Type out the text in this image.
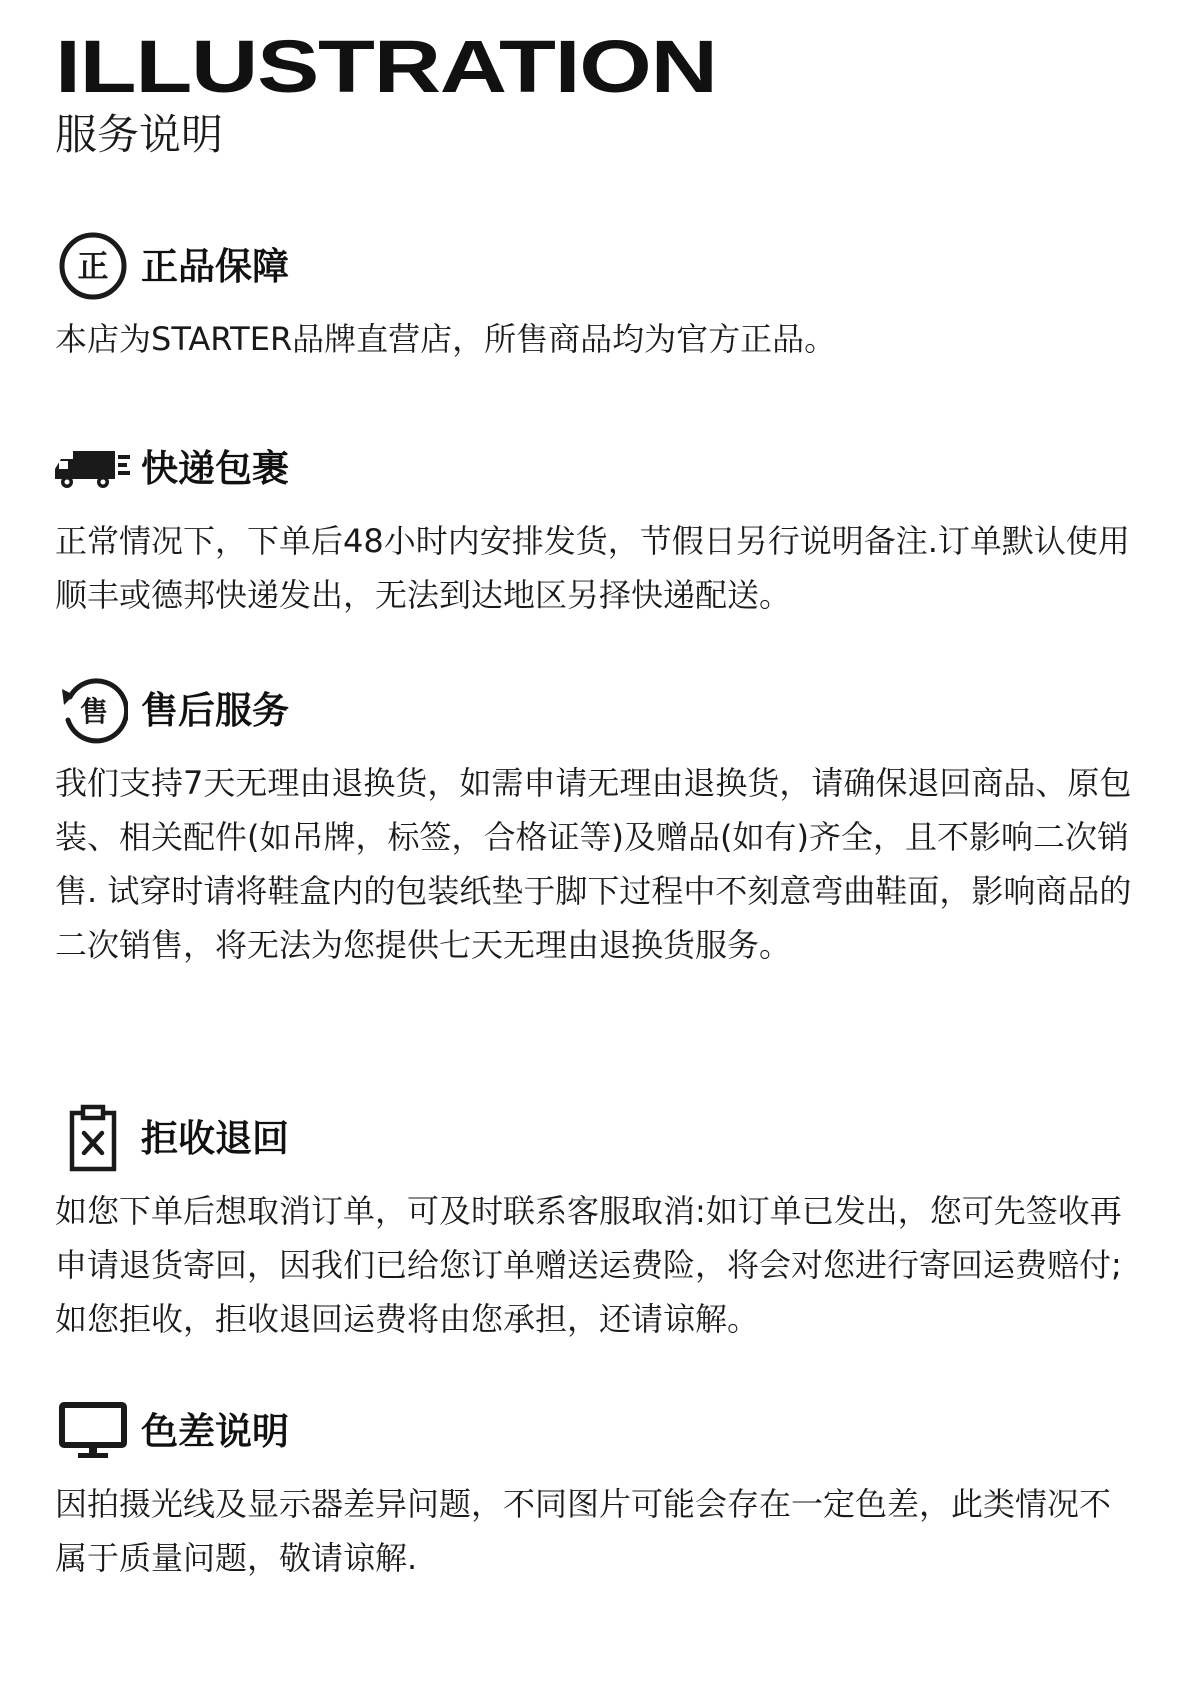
ILLUSTRATION
服务说明
正 正品保障
本店为STARTER品牌直营店，所售商品均为官方正品。
快递包裹
正常情况下，下单后48小时内安排发货，节假日另行说明备注.订单默认使用顺丰或德邦快递发出，无法到达地区另择快递配送。
售 售后服务
我们支持7天无理由退换货，如需申请无理由退换货，请确保退回商品、原包装、相关配件(如吊牌，标签，合格证等)及赠品(如有)齐全，且不影响二次销售. 试穿时请将鞋盒内的包装纸垫于脚下过程中不刻意弯曲鞋面，影响商品的二次销售，将无法为您提供七天无理由退换货服务。
拒收退回
如您下单后想取消订单，可及时联系客服取消:如订单已发出，您可先签收再申请退货寄回，因我们已给您订单赠送运费险，将会对您进行寄回运费赔付;如您拒收，拒收退回运费将由您承担，还请谅解。
色差说明
因拍摄光线及显示器差异问题，不同图片可能会存在一定色差，此类情况不属于质量问题，敬请谅解.
